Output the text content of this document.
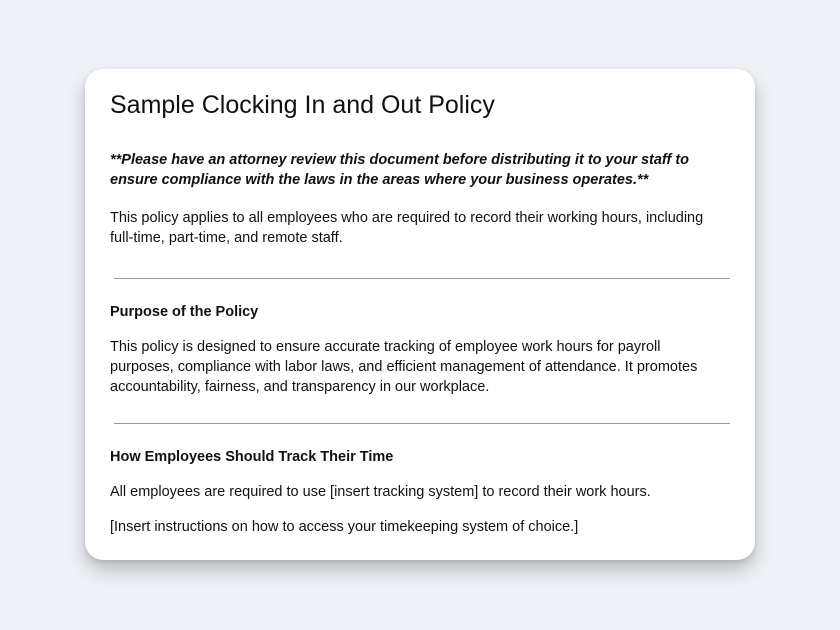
Sample Clocking In and Out Policy

**Please have an attorney review this document before distributing it to your staff to ensure compliance with the laws in the areas where your business operates.**

This policy applies to all employees who are required to record their working hours, including full-time, part-time, and remote staff.

Purpose of the Policy

This policy is designed to ensure accurate tracking of employee work hours for payroll purposes, compliance with labor laws, and efficient management of attendance. It promotes accountability, fairness, and transparency in our workplace.

How Employees Should Track Their Time

All employees are required to use [insert tracking system] to record their work hours.

[Insert instructions on how to access your timekeeping system of choice.]
